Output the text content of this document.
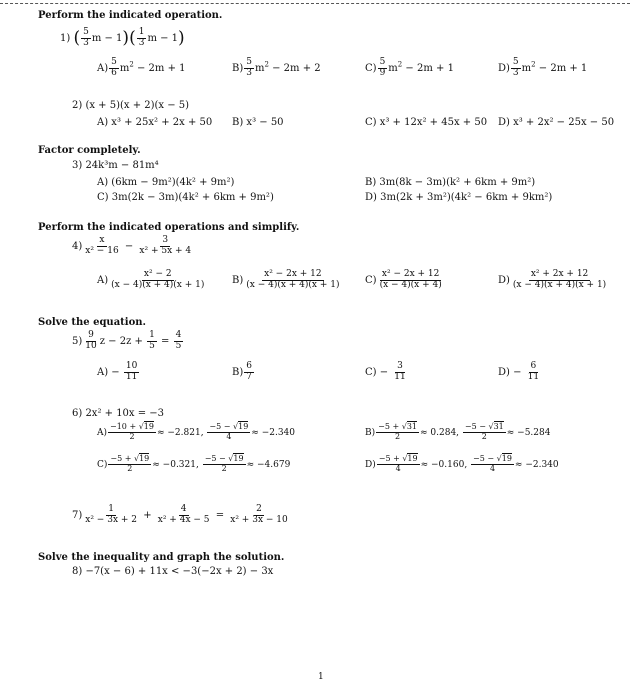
Perform the indicated operation.
1) ( $\frac{5}{3}$ $m - 1)( \frac{1}{3}$ m − 1)
$A) \frac{5}{6} m^2 - 2m + 1$	$B) \frac{5}{3} m^2 - 2m + 2$	$C) \frac{5}{9} m^2 - 2m + 1$	$D) \frac{5}{3} m^2 - 2m + 1$
2) (x + 5)(x + 2)(x − 5)
A) x³ + 25x² + 2x + 50 B) x³ − 50	C) x³ + 12x² + 45x + 50 D) x³ + 2x² − 25x − 50
Factor completely.
3) 24k³m − 81m⁴
A) (6km − 9m²)(4k² + 9m²)	B) 3m(8k − 3m)(k² + 6km + 9m²)
C) 3m(2k − 3m)(4k² + 6km + 9m²)	D) 3m(2k + 3m²)(4k² − 6km + 9km²)
Perform the indicated operations and simplify.
$4) \frac{x}{\text{x² − 16}} - \frac{3}{\text{x² + 5x + 4}}$
$A) \frac{\text{x² − 2}}{(x - 4)(x + 4)(x + 1)}$	$B) \frac{\text{x² − 2x + 12}}{(x - 4)(x + 4)(x + 1)} C) \frac{\text{x² − 2x + 12}}{(x - 4)(x + 4)}$	$D) \frac{\text{x² + 2x + 12}}{(x - 4)(x + 4)(x + 1)}$
Solve the equation.
$5) \frac{9}{10}$ $z - 2z + \frac{1}{5} = \frac{4}{5}$
$A) - \frac{10}{11}$	$B) \frac{6}{7}$	$C) - \frac{3}{11}$	$D) - \frac{6}{11}$
6) 2x² + 10x = −3
$A) \frac{-10 + √19}{2} \approx -2.821$, $\frac{-5 - √19}{4} \approx -2.340$	$B) \frac{-5 + √31}{2} \approx 0.284$, $\frac{-5 - √31}{2} \approx -5.284$
$C) \frac{-5 + √19}{2} \approx -0.321$, $\frac{-5 - √19}{2} \approx -4.679$	$D) \frac{-5 + √19}{4} \approx -0.160$, $\frac{-5 - √19}{4} \approx -2.340$
$7) \frac{1}{\text{x² − 3x + 2}} + \frac{4}{\text{x² + 4x − 5}} = \frac{2}{\text{x² + 3x − 10}}$
Solve the inequality and graph the solution.
8) −7(x − 6) + 11x < −3(−2x + 2) − 3x
1
